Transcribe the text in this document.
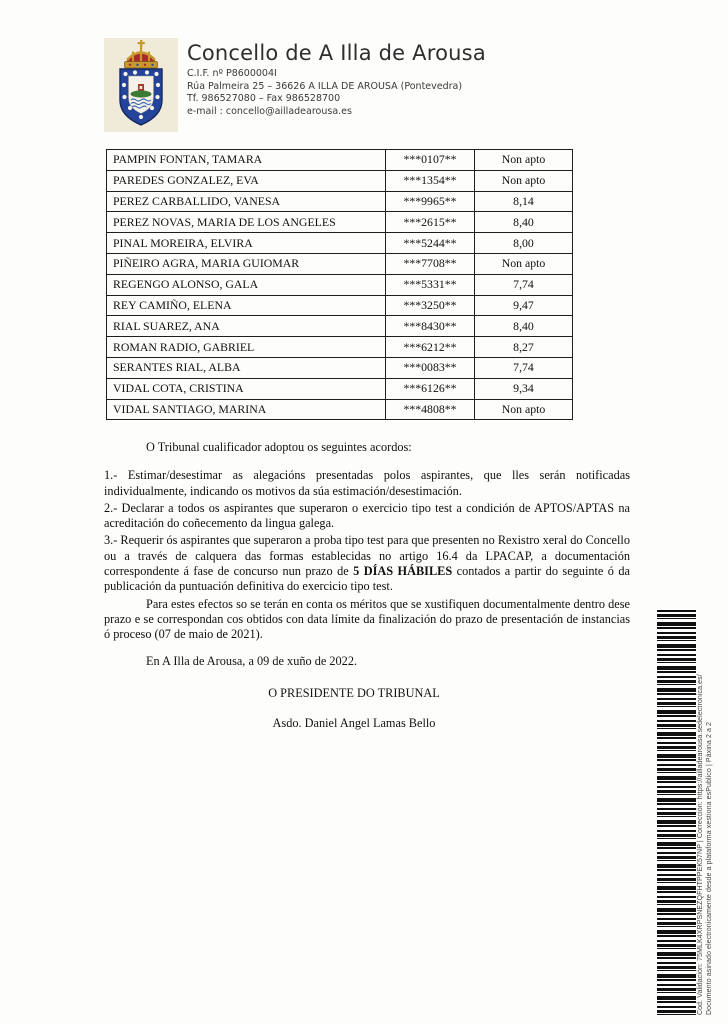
Concello de A Illa de Arousa
C.I.F. nº P8600004I
Rúa Palmeira 25 – 36626 A ILLA DE AROUSA (Pontevedra)
Tf. 986527080 – Fax 986528700
e-mail : concello@ailladearousa.es
PAMPIN FONTAN, TAMARA	***0107**	Non apto
PAREDES GONZALEZ, EVA	***1354**	Non apto
PEREZ CARBALLIDO, VANESA	***9965**	8,14
PEREZ NOVAS, MARIA DE LOS ANGELES	***2615**	8,40
PINAL MOREIRA, ELVIRA	***5244**	8,00
PIÑEIRO AGRA, MARIA GUIOMAR	***7708**	Non apto
REGENGO ALONSO, GALA	***5331**	7,74
REY CAMIÑO, ELENA	***3250**	9,47
RIAL SUAREZ, ANA	***8430**	8,40
ROMAN RADIO, GABRIEL	***6212**	8,27
SERANTES RIAL, ALBA	***0083**	7,74
VIDAL COTA, CRISTINA	***6126**	9,34
VIDAL SANTIAGO, MARINA	***4808**	Non apto

O Tribunal cualificador adoptou os seguintes acordos:

1.- Estimar/desestimar as alegacións presentadas polos aspirantes, que lles serán notificadas individualmente, indicando os motivos da súa estimación/desestimación.

2.- Declarar a todos os aspirantes que superaron o exercicio tipo test a condición de APTOS/APTAS na acreditación do coñecemento da lingua galega.

3.- Requerir ós aspirantes que superaron a proba tipo test para que presenten no Rexistro xeral do Concello ou a través de calquera das formas establecidas no artigo 16.4 da LPACAP, a documentación correspondente á fase de concurso nun prazo de 5 DÍAS HÁBILES contados a partir do seguinte ó da publicación da puntuación definitiva do exercicio tipo test.

Para estes efectos so se terán en conta os méritos que se xustifiquen documentalmente dentro dese prazo e se correspondan cos obtidos con data límite da finalización do prazo de presentación de instancias ó proceso (07 de maio de 2021).

En A Illa de Arousa, a 09 de xuño de 2022.

O PRESIDENTE DO TRIBUNAL

Asdo. Daniel Angel Lamas Bello	Cod. Validación: 75MLK4XRPSNEZQFHTPPEK57NP | Corrección: https://ailladearousa.sedelectronica.es/ Documento asinado electronicamente desde a plataforma xestiona esPublico | Páxina 2 a 2
